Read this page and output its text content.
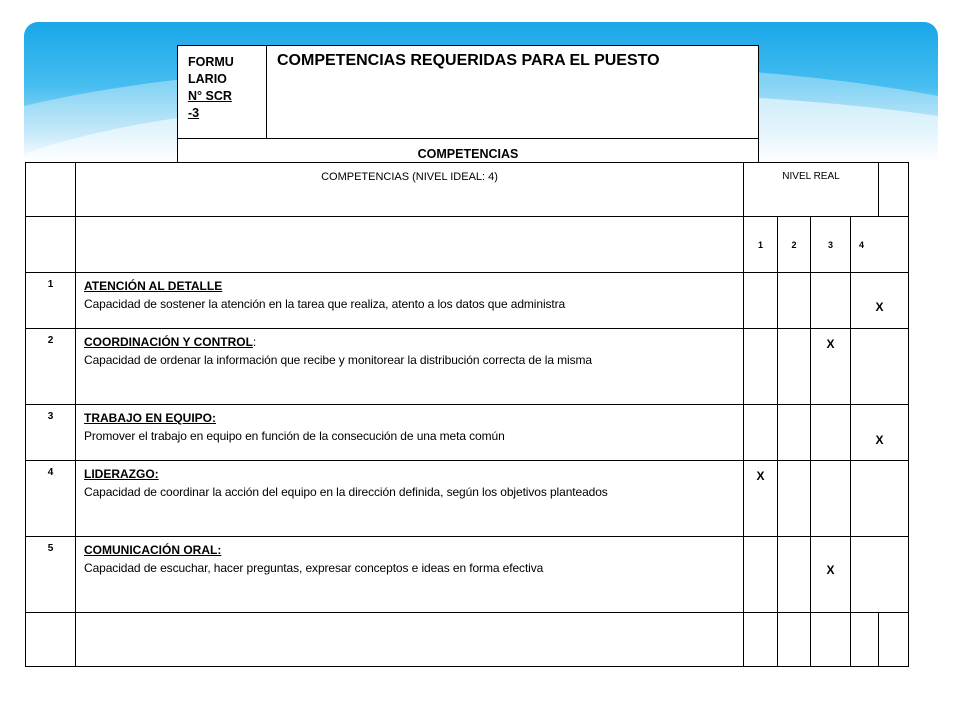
FORMU
LARIO
N° SCR
-3
	COMPETENCIAS REQUERIDAS PARA EL PUESTO
COMPETENCIAS
	COMPETENCIAS (NIVEL IDEAL: 4)	NIVEL REAL				
		1	2	3	4	
1	ATENCIÓN AL DETALLE
Capacidad de sostener la atención en la tarea que realiza, atento a los datos que administra				X	
2	COORDINACIÓN Y CONTROL:
Capacidad de ordenar la información que recibe y monitorear la distribución correcta de la misma			X		
3	TRABAJO EN EQUIPO:
Promover el trabajo en equipo en función de la consecución de una meta común				X	
4	LIDERAZGO:
Capacidad de coordinar la acción del equipo en la dirección definida, según los objetivos planteados	X				
5	COMUNICACIÓN ORAL:
Capacidad de escuchar, hacer preguntas, expresar conceptos e ideas en forma efectiva			X		
